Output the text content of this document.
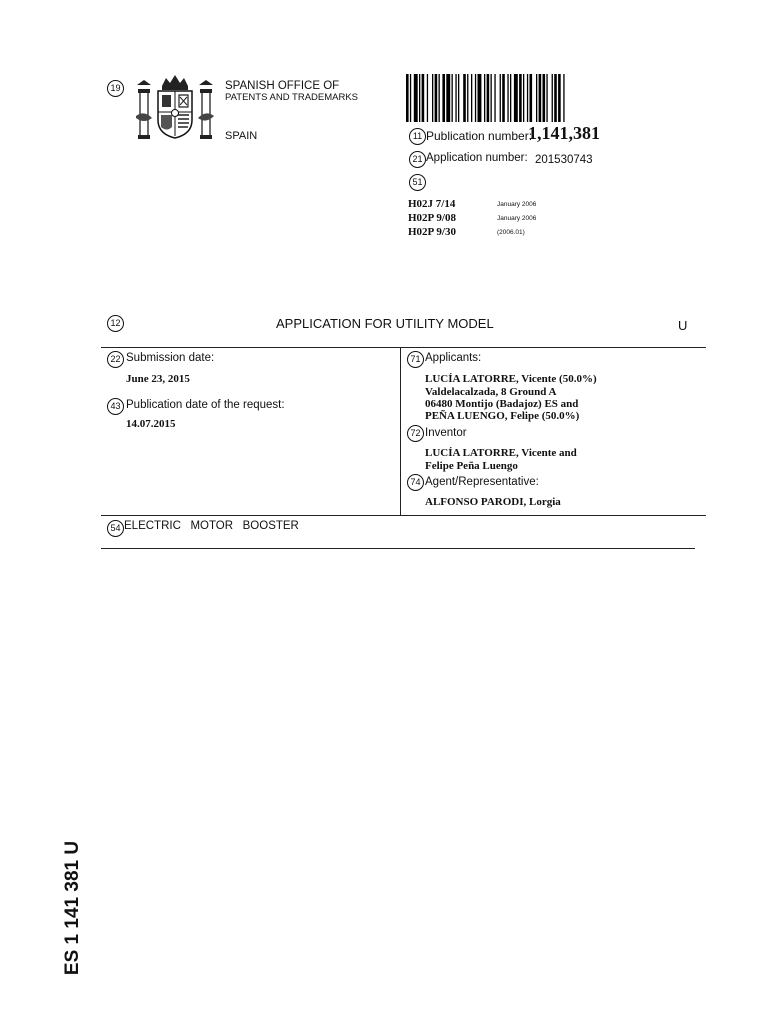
19	SPANISH OFFICE OF
PATENTS AND TRADEMARKS
SPAIN	11 Publication number:
1,141,381
21 Application number: 201530743
51
H02J 7/14	January 2006
H02P 9/08	January 2006
H02P 9/30	(2006.01)
12	APPLICATION FOR UTILITY MODEL	U
22 Submission date:
June 23, 2015
43 Publication date of the request:
14.07.2015
71 Applicants:
LUCÍA LATORRE, Vicente (50.0%)
Valdelacalzada, 8 Ground A
06480 Montijo (Badajoz) ES and
PEÑA LUENGO, Felipe (50.0%)
72 Inventor
LUCÍA LATORRE, Vicente and
Felipe Peña Luengo
74 Agent/Representative:
ALFONSO PARODI, Lorgia
54 ELECTRIC   MOTOR   BOOSTER
ES 1 141 381 U
